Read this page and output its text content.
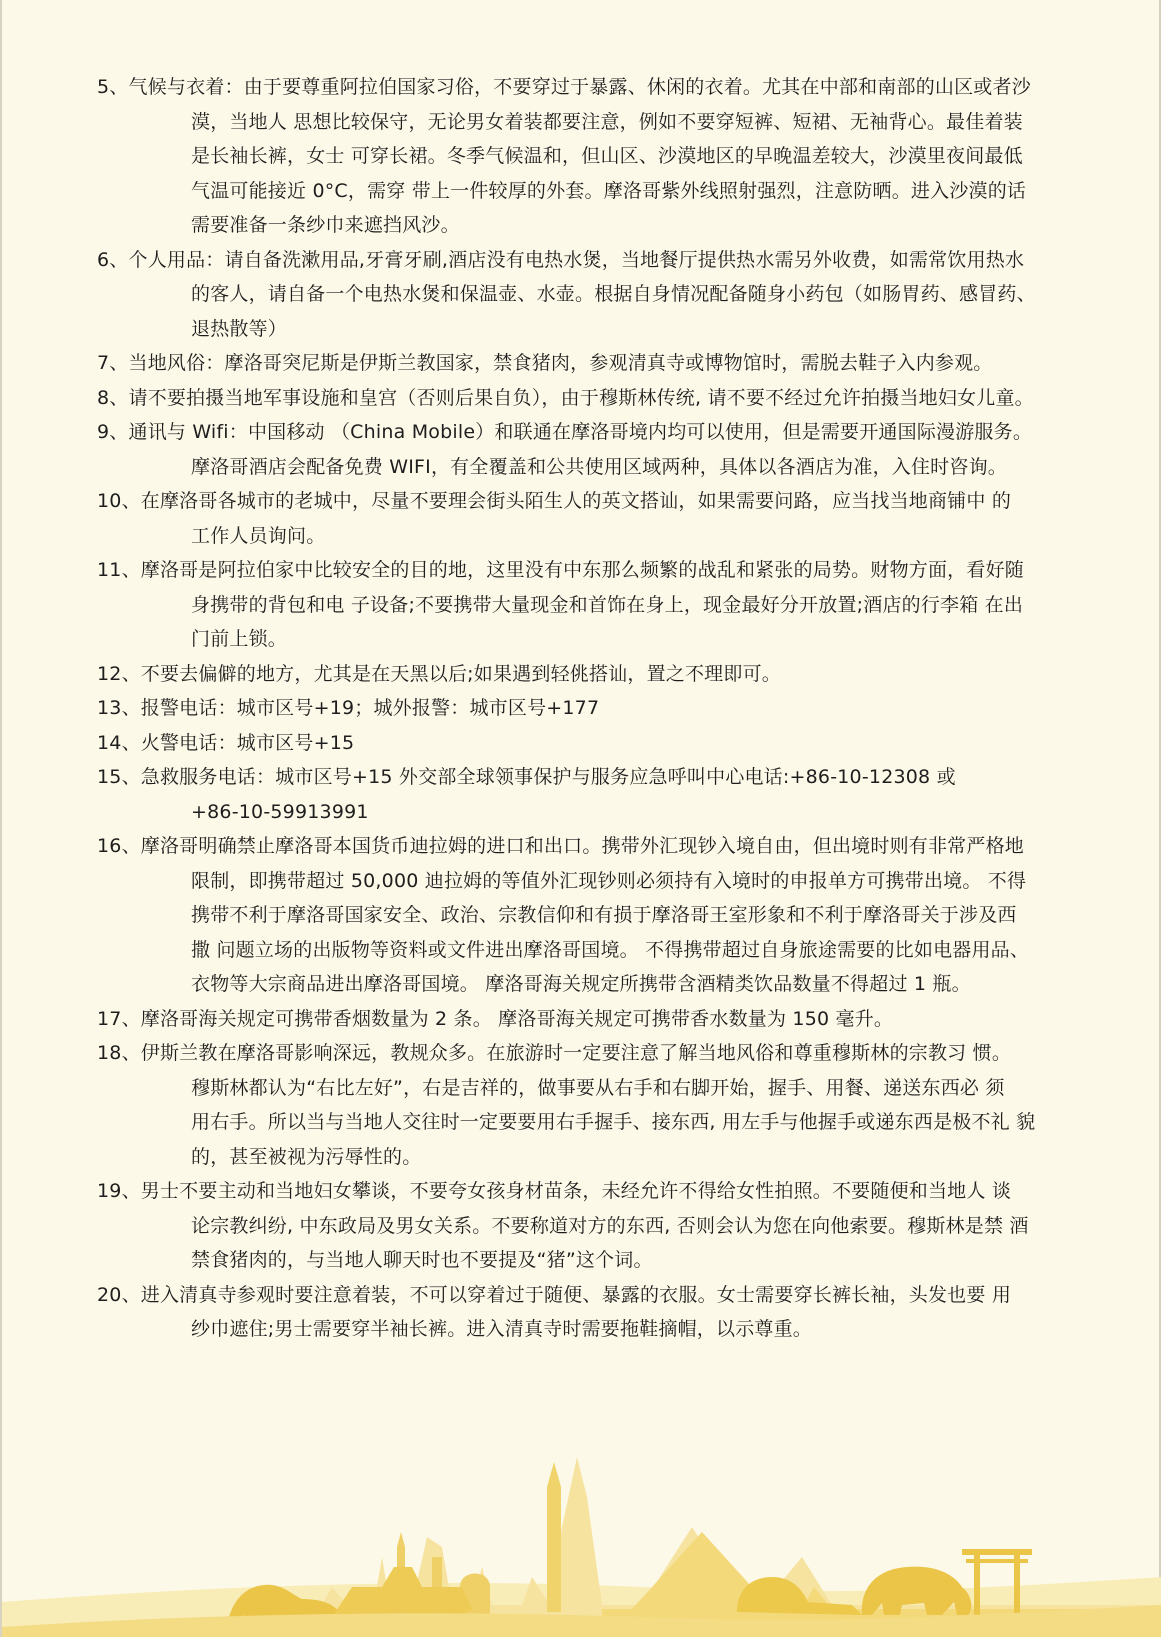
5、气候与衣着：由于要尊重阿拉伯国家习俗，不要穿过于暴露、休闲的衣着。尤其在中部和南部的山区或者沙
漠，当地人 思想比较保守，无论男女着装都要注意，例如不要穿短裤、短裙、无袖背心。最佳着装
是长袖长裤，女士 可穿长裙。冬季气候温和，但山区、沙漠地区的早晚温差较大，沙漠里夜间最低
气温可能接近 0°C，需穿 带上一件较厚的外套。摩洛哥紫外线照射强烈，注意防晒。进入沙漠的话
需要准备一条纱巾来遮挡风沙。
6、个人用品：请自备洗漱用品,牙膏牙刷,酒店没有电热水煲，当地餐厅提供热水需另外收费，如需常饮用热水
的客人，请自备一个电热水煲和保温壶、水壶。根据自身情况配备随身小药包（如肠胃药、感冒药、
退热散等）
7、当地风俗：摩洛哥突尼斯是伊斯兰教国家，禁食猪肉，参观清真寺或博物馆时，需脱去鞋子入内参观。
8、请不要拍摄当地军事设施和皇宫（否则后果自负），由于穆斯林传统, 请不要不经过允许拍摄当地妇女儿童。
9、通讯与 Wifi：中国移动 （China Mobile）和联通在摩洛哥境内均可以使用，但是需要开通国际漫游服务。
摩洛哥酒店会配备免费 WIFI，有全覆盖和公共使用区域两种，具体以各酒店为准，入住时咨询。
10、在摩洛哥各城市的老城中，尽量不要理会街头陌生人的英文搭讪，如果需要问路，应当找当地商铺中 的
工作人员询问。
11、摩洛哥是阿拉伯家中比较安全的目的地，这里没有中东那么频繁的战乱和紧张的局势。财物方面，看好随
身携带的背包和电 子设备;不要携带大量现金和首饰在身上，现金最好分开放置;酒店的行李箱 在出
门前上锁。
12、不要去偏僻的地方，尤其是在天黑以后;如果遇到轻佻搭讪，置之不理即可。
13、报警电话：城市区号+19；城外报警：城市区号+177
14、火警电话：城市区号+15
15、急救服务电话：城市区号+15 外交部全球领事保护与服务应急呼叫中心电话:+86-10-12308 或
+86-10-59913991
16、摩洛哥明确禁止摩洛哥本国货币迪拉姆的进口和出口。携带外汇现钞入境自由，但出境时则有非常严格地
限制，即携带超过 50,000 迪拉姆的等值外汇现钞则必须持有入境时的申报单方可携带出境。 不得
携带不利于摩洛哥国家安全、政治、宗教信仰和有损于摩洛哥王室形象和不利于摩洛哥关于涉及西
撒 问题立场的出版物等资料或文件进出摩洛哥国境。 不得携带超过自身旅途需要的比如电器用品、
衣物等大宗商品进出摩洛哥国境。 摩洛哥海关规定所携带含酒精类饮品数量不得超过 1 瓶。
17、摩洛哥海关规定可携带香烟数量为 2 条。 摩洛哥海关规定可携带香水数量为 150 毫升。
18、伊斯兰教在摩洛哥影响深远，教规众多。在旅游时一定要注意了解当地风俗和尊重穆斯林的宗教习 惯。
穆斯林都认为“右比左好”，右是吉祥的，做事要从右手和右脚开始，握手、用餐、递送东西必 须
用右手。所以当与当地人交往时一定要要用右手握手、接东西, 用左手与他握手或递东西是极不礼 貌
的，甚至被视为污辱性的。
19、男士不要主动和当地妇女攀谈，不要夸女孩身材苗条，未经允许不得给女性拍照。不要随便和当地人 谈
论宗教纠纷, 中东政局及男女关系。不要称道对方的东西, 否则会认为您在向他索要。穆斯林是禁 酒
禁食猪肉的，与当地人聊天时也不要提及“猪”这个词。
20、进入清真寺参观时要注意着装，不可以穿着过于随便、暴露的衣服。女士需要穿长裤长袖，头发也要 用
纱巾遮住;男士需要穿半袖长裤。进入清真寺时需要拖鞋摘帽，以示尊重。
